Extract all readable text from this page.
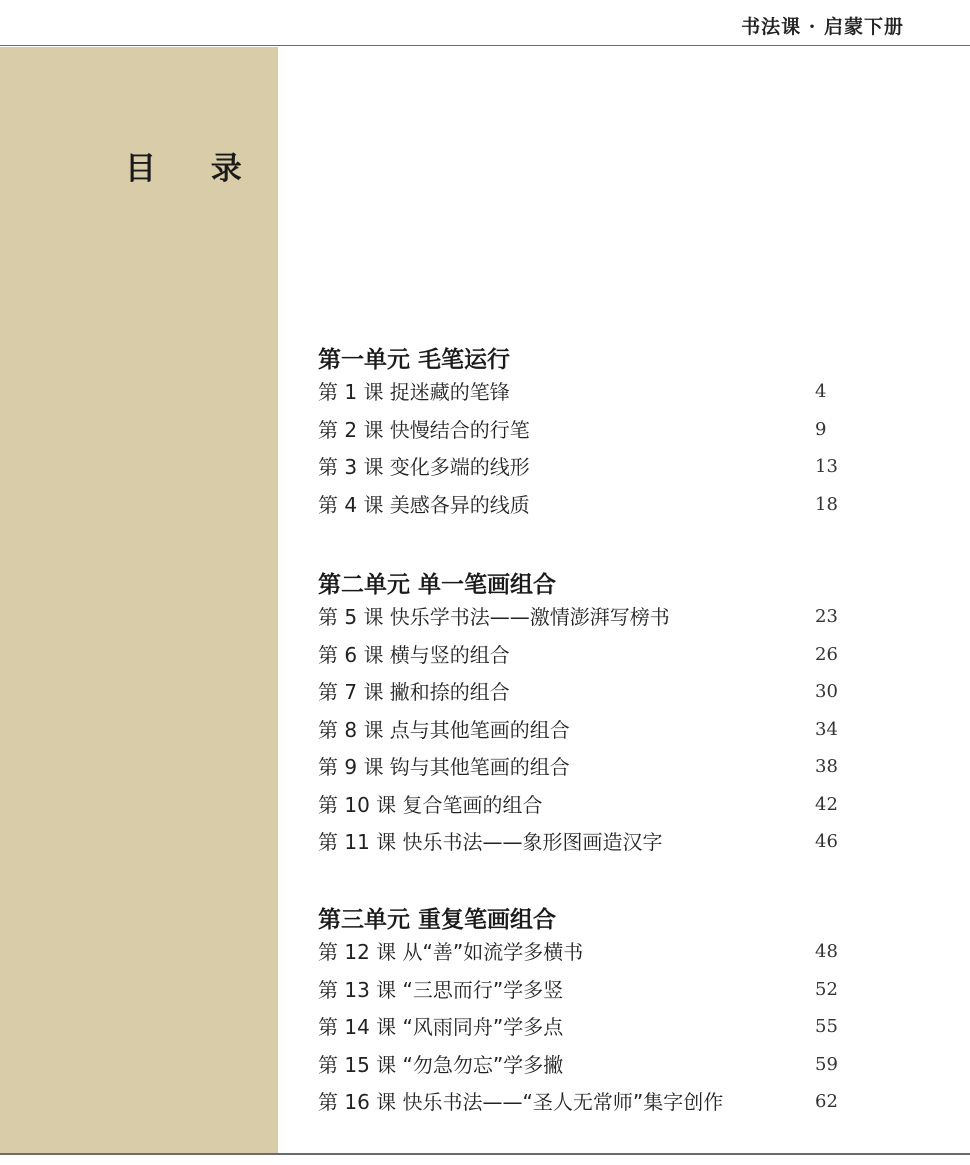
书法课 · 启蒙下册
目 录
第一单元 毛笔运行
第 1 课 捉迷藏的笔锋	4
第 2 课 快慢结合的行笔	9
第 3 课 变化多端的线形	13
第 4 课 美感各异的线质	18
第二单元 单一笔画组合
第 5 课 快乐学书法——激情澎湃写榜书	23
第 6 课 横与竖的组合	26
第 7 课 撇和捺的组合	30
第 8 课 点与其他笔画的组合	34
第 9 课 钩与其他笔画的组合	38
第 10 课 复合笔画的组合	42
第 11 课 快乐书法——象形图画造汉字	46
第三单元 重复笔画组合
第 12 课 从“善”如流学多横书	48
第 13 课 “三思而行”学多竖	52
第 14 课 “风雨同舟”学多点	55
第 15 课 “勿急勿忘”学多撇	59
第 16 课 快乐书法——“圣人无常师”集字创作	62
